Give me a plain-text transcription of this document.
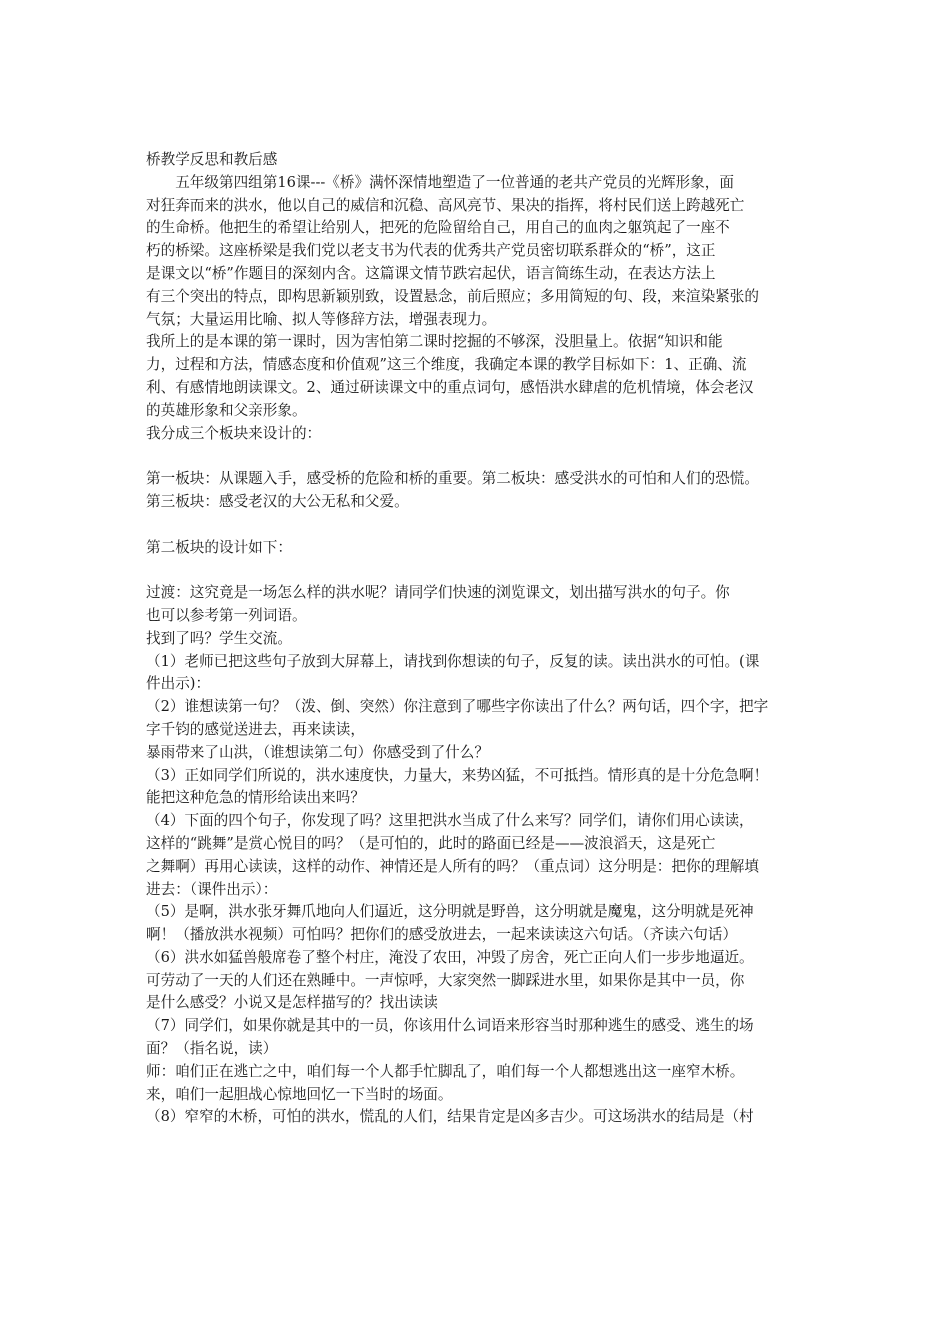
桥教学反思和教后感
　　五年级第四组第16课---《桥》满怀深情地塑造了一位普通的老共产党员的光辉形象，面
对狂奔而来的洪水，他以自己的威信和沉稳、高风亮节、果决的指挥，将村民们送上跨越死亡
的生命桥。他把生的希望让给别人，把死的危险留给自己，用自己的血肉之躯筑起了一座不
朽的桥梁。这座桥梁是我们党以老支书为代表的优秀共产党员密切联系群众的“桥”，这正
是课文以“桥”作题目的深刻内含。这篇课文情节跌宕起伏，语言简练生动，在表达方法上
有三个突出的特点，即构思新颖别致，设置悬念，前后照应；多用简短的句、段，来渲染紧张的
气氛；大量运用比喻、拟人等修辞方法，增强表现力。
我所上的是本课的第一课时，因为害怕第二课时挖掘的不够深，没胆量上。依据“知识和能
力，过程和方法，情感态度和价值观”这三个维度，我确定本课的教学目标如下：1、正确、流
利、有感情地朗读课文。2、通过研读课文中的重点词句，感悟洪水肆虐的危机情境，体会老汉
的英雄形象和父亲形象。
我分成三个板块来设计的：
第一板块：从课题入手，感受桥的危险和桥的重要。第二板块：感受洪水的可怕和人们的恐慌。
第三板块：感受老汉的大公无私和父爱。
第二板块的设计如下：
过渡：这究竟是一场怎么样的洪水呢？请同学们快速的浏览课文，划出描写洪水的句子。你
也可以参考第一列词语。
找到了吗？学生交流。
（1）老师已把这些句子放到大屏幕上，请找到你想读的句子，反复的读。读出洪水的可怕。(课
件出示)：
（2）谁想读第一句？（泼、倒、突然）你注意到了哪些字你读出了什么？两句话，四个字，把字
字千钧的感觉送进去，再来读读，
暴雨带来了山洪，（谁想读第二句）你感受到了什么？
（3）正如同学们所说的，洪水速度快，力量大，来势凶猛，不可抵挡。情形真的是十分危急啊！
能把这种危急的情形给读出来吗？
（4）下面的四个句子，你发现了吗？这里把洪水当成了什么来写？同学们，请你们用心读读，
这样的“跳舞”是赏心悦目的吗？（是可怕的，此时的路面已经是——波浪滔天，这是死亡
之舞啊）再用心读读，这样的动作、神情还是人所有的吗？（重点词）这分明是：把你的理解填
进去：（课件出示）：
（5）是啊，洪水张牙舞爪地向人们逼近，这分明就是野兽，这分明就是魔鬼，这分明就是死神
啊！（播放洪水视频）可怕吗？把你们的感受放进去，一起来读读这六句话。（齐读六句话）
（6）洪水如猛兽般席卷了整个村庄，淹没了农田，冲毁了房舍，死亡正向人们一步步地逼近。
可劳动了一天的人们还在熟睡中。一声惊呼，大家突然一脚踩进水里，如果你是其中一员，你
是什么感受？小说又是怎样描写的？找出读读
（7）同学们，如果你就是其中的一员，你该用什么词语来形容当时那种逃生的感受、逃生的场
面？（指名说，读）
师：咱们正在逃亡之中，咱们每一个人都手忙脚乱了，咱们每一个人都想逃出这一座窄木桥。
来，咱们一起胆战心惊地回忆一下当时的场面。
（8）窄窄的木桥，可怕的洪水，慌乱的人们，结果肯定是凶多吉少。可这场洪水的结局是（村
